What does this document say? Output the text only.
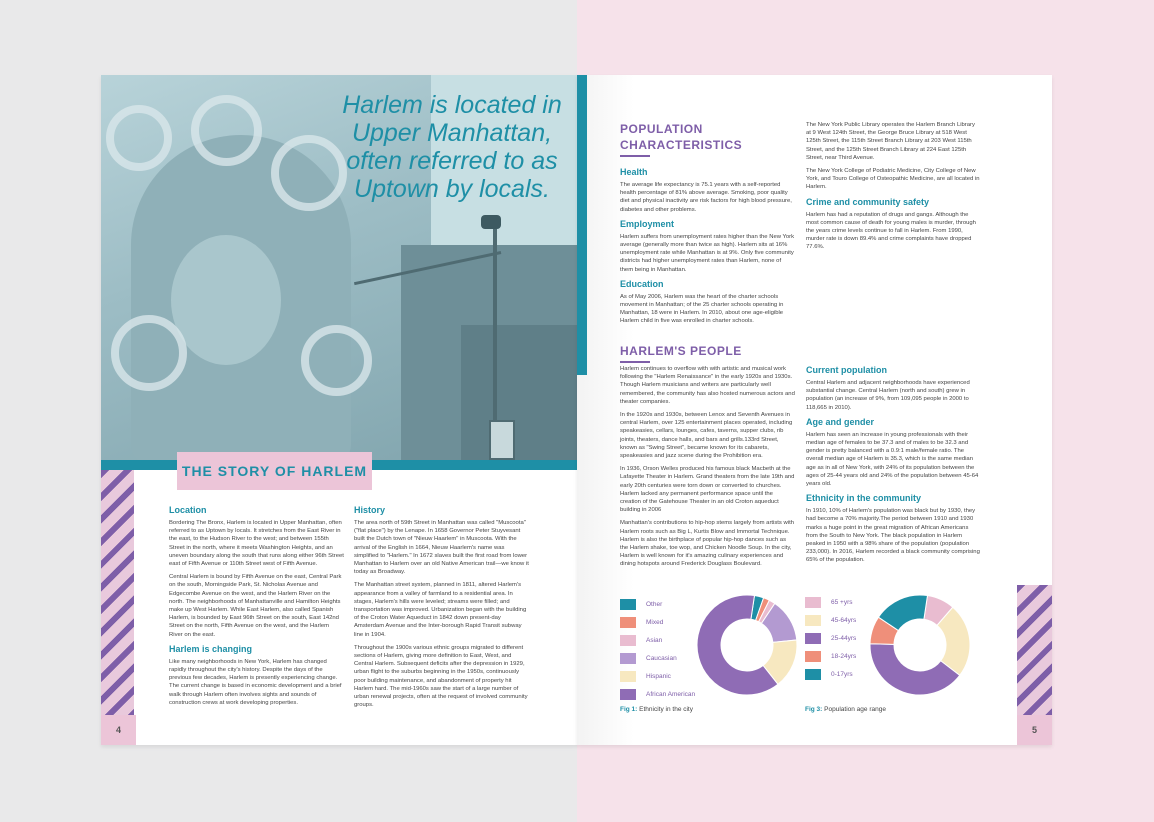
Harlem is located in Upper Manhattan, often referred to as Uptown by locals.
THE STORY OF HARLEM
Location

Bordering The Bronx, Harlem is located in Upper Manhattan, often referred to as Uptown by locals. It stretches from the East River in the east, to the Hudson River to the west; and between 155th Street in the north, where it meets Washington Heights, and an uneven boundary along the south that runs along either 96th Street east of Fifth Avenue or 110th Street west of Fifth Avenue.

Central Harlem is bound by Fifth Avenue on the east, Central Park on the south, Morningside Park, St. Nicholas Avenue and Edgecombe Avenue on the west, and the Harlem River on the north. The neighborhoods of Manhattanville and Hamilton Heights make up West Harlem. While East Harlem, also called Spanish Harlem, is bounded by East 96th Street on the south, East 142nd Street on the north, Fifth Avenue on the west, and the Harlem River on the east.

Harlem is changing

Like many neighborhoods in New York, Harlem has changed rapidly throughout the city's history. Despite the days of the previous few decades, Harlem is presently experiencing change. The current change is based in economic development and a brief walk through Harlem often involves sights and sounds of construction crews at work developing properties.

History

The area north of 59th Street in Manhattan was called "Muscoota" ("flat place") by the Lenape. In 1658 Governor Peter Stuyvesant built the Dutch town of "Nieuw Haarlem" in Muscoota. With the arrival of the English in 1664, Nieuw Haarlem's name was simplified to "Harlem." In 1672 slaves built the first road from lower Manhattan to Harlem over an old Native American trail—we know it today as Broadway.

The Manhattan street system, planned in 1811, altered Harlem's appearance from a valley of farmland to a residential area. In stages, Harlem's hills were leveled; streams were filled; and transportation was improved. Urbanization began with the building of the Croton Water Aqueduct in 1842 down present-day Amsterdam Avenue and the Inter-borough Rapid Transit subway line in 1904.

Throughout the 1900s various ethnic groups migrated to different sections of Harlem, giving more definition to East, West, and Central Harlem. Subsequent deficits after the depression in 1929, urban flight to the suburbs beginning in the 1950s, continuously poor building maintenance, and abandonment of property hit Harlem hard. The mid-1960s saw the start of a large number of urban renewal projects, often at the request of involved community groups.

4
POPULATION CHARACTERISTICS
Health

The average life expectancy is 75.1 years with a self-reported health percentage of 81% above average. Smoking, poor quality diet and physical inactivity are risk factors for high blood pressure, diabetes and other problems.

Employment

Harlem suffers from unemployment rates higher than the New York average (generally more than twice as high). Harlem sits at 16% unemployment rate while Manhattan is at 9%. Only five community districts had higher unemployment rates than Harlem, none of them being in Manhattan.

Education

As of May 2006, Harlem was the heart of the charter schools movement in Manhattan; of the 25 charter schools operating in Manhattan, 18 were in Harlem. In 2010, about one age-eligible Harlem child in five was enrolled in charter schools.

The New York Public Library operates the Harlem Branch Library at 9 West 124th Street, the George Bruce Library at 518 West 125th Street, the 115th Street Branch Library at 203 West 115th Street, and the 125th Street Branch Library at 224 East 125th Street, near Third Avenue.

The New York College of Podiatric Medicine, City College of New York, and Touro College of Osteopathic Medicine, are all located in Harlem.

Crime and community safety

Harlem has had a reputation of drugs and gangs. Although the most common cause of death for young males is murder, through the years crime levels continue to fall in Harlem. From 1990, murder rate is down 89.4% and crime complaints have dropped 77.6%.

HARLEM'S PEOPLE

Harlem continues to overflow with with artistic and musical work following the "Harlem Renaissance" in the early 1920s and 1930s. Though Harlem musicians and writers are particularly well remembered, the community has also hosted numerous actors and theater companies.

In the 1920s and 1930s, between Lenox and Seventh Avenues in central Harlem, over 125 entertainment places operated, including speakeasies, cellars, lounges, cafes, taverns, supper clubs, rib joints, theaters, dance halls, and bars and grills.133rd Street, known as "Swing Street", became known for its cabarets, speakeasies and jazz scene during the Prohibition era.

In 1936, Orson Welles produced his famous black Macbeth at the Lafayette Theater in Harlem. Grand theaters from the late 19th and early 20th centuries were torn down or converted to churches. Harlem lacked any permanent performance space until the creation of the Gatehouse Theater in an old Croton aqueduct building in 2006

Manhattan's contributions to hip-hop stems largely from artists with Harlem roots such as Big L, Kurtis Blow and Immortal Technique. Harlem is also the birthplace of popular hip-hop dances such as the Harlem shake, toe wop, and Chicken Noodle Soup. In the city, Harlem is well known for it's amazing culinary experiences and dining hotspots around Frederick Douglass Boulevard.

Current population

Central Harlem and adjacent neighborhoods have experienced substantial change. Central Harlem (north and south) grew in population (an increase of 9%, from 109,095 people in 2000 to 118,665 in 2010).

Age and gender

Harlem has seen an increase in young professionals with their median age of females to be 37.3 and of males to be 32.3 and gender is pretty balanced with a 0.9:1 male/female ratio. The overall median age of Harlem is 35.3, which is the same median age as in all of New York, with 24% of its population between the ages of 25-44 years old and 24% of the population between 45-64 years old.

Ethnicity in the community

In 1910, 10% of Harlem's population was black but by 1930, they had become a 70% majority.The period between 1910 and 1930 marks a huge point in the great migration of African Americans from the South to New York. The black population in Harlem peaked in 1950 with a 98% share of the population (population 233,000). In 2016, Harlem recorded a black community comprising 65% of the population.

Other
Mixed
Asian
Caucasian
Hispanic
African American
Fig 1: Ethnicity in the city
65 +yrs
45-64yrs
25-44yrs
18-24yrs
0-17yrs
Fig 3: Population age range
5
